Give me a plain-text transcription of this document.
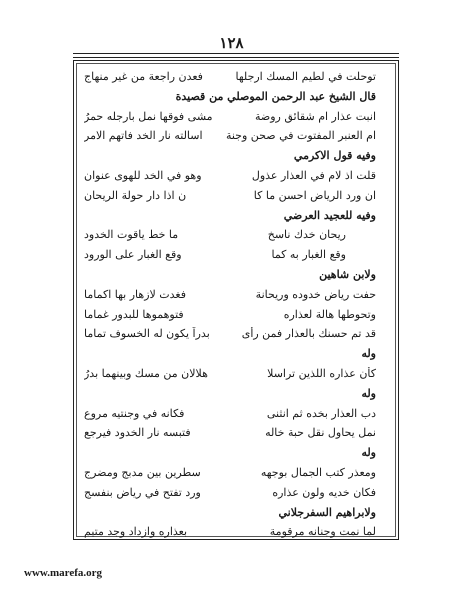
١٢٨
توحلت في لطيم المسك ارجلها
فعدن راجعة من غير منهاج
قال الشيخ عبد الرحمن الموصلي من قصيدة
انبت عذار ام شقائق روضة
مشى فوقها نمل بارجله حمرُ
ام العنبر المفتوت في صحن وجنة
اسالته نار الخد فاتهم الامر
وفيه قول الاكرمي
قلت اذ لام في العذار عذول
وهو في الخد للهوى عنوان
ان ورد الرياض احسن ما كا
ن اذا دار حولة الريحان
وفيه للعجيد العرضي
ريحان خدك ناسخ
ما خط ياقوت الخدود
وقع الغبار به كما
وقع الغبار على الورود
ولابن شاهين
حفت رياض خدوده وريحانة
فغدت لازهار بها اكماما
وتحوطها هالة لعذاره
فتوهموها للبدور غماما
قد تم حسنك بالعذار فمن رأى
بدراً يكون له الخسوف تماما
وله
كأن عذاره اللذين تراسلا
هلالان من مسك وبينهما بدرُ
وله
دب العذار بخده ثم انثنى
فكانه في وجنتيه مروع
نمل يحاول نقل حبة خاله
فتبسه نار الخدود فيرجع
وله
ومعذر كتب الجمال بوجهه
سطرين بين مدبج ومضرج
فكان خديه ولون عذاره
ورد تفتح في رياض بنفسج
ولابراهيم السفرجلاني
لما نمت وجنانه مرقومة
بعذاره وازداد وجد متيم
www.marefa.org
